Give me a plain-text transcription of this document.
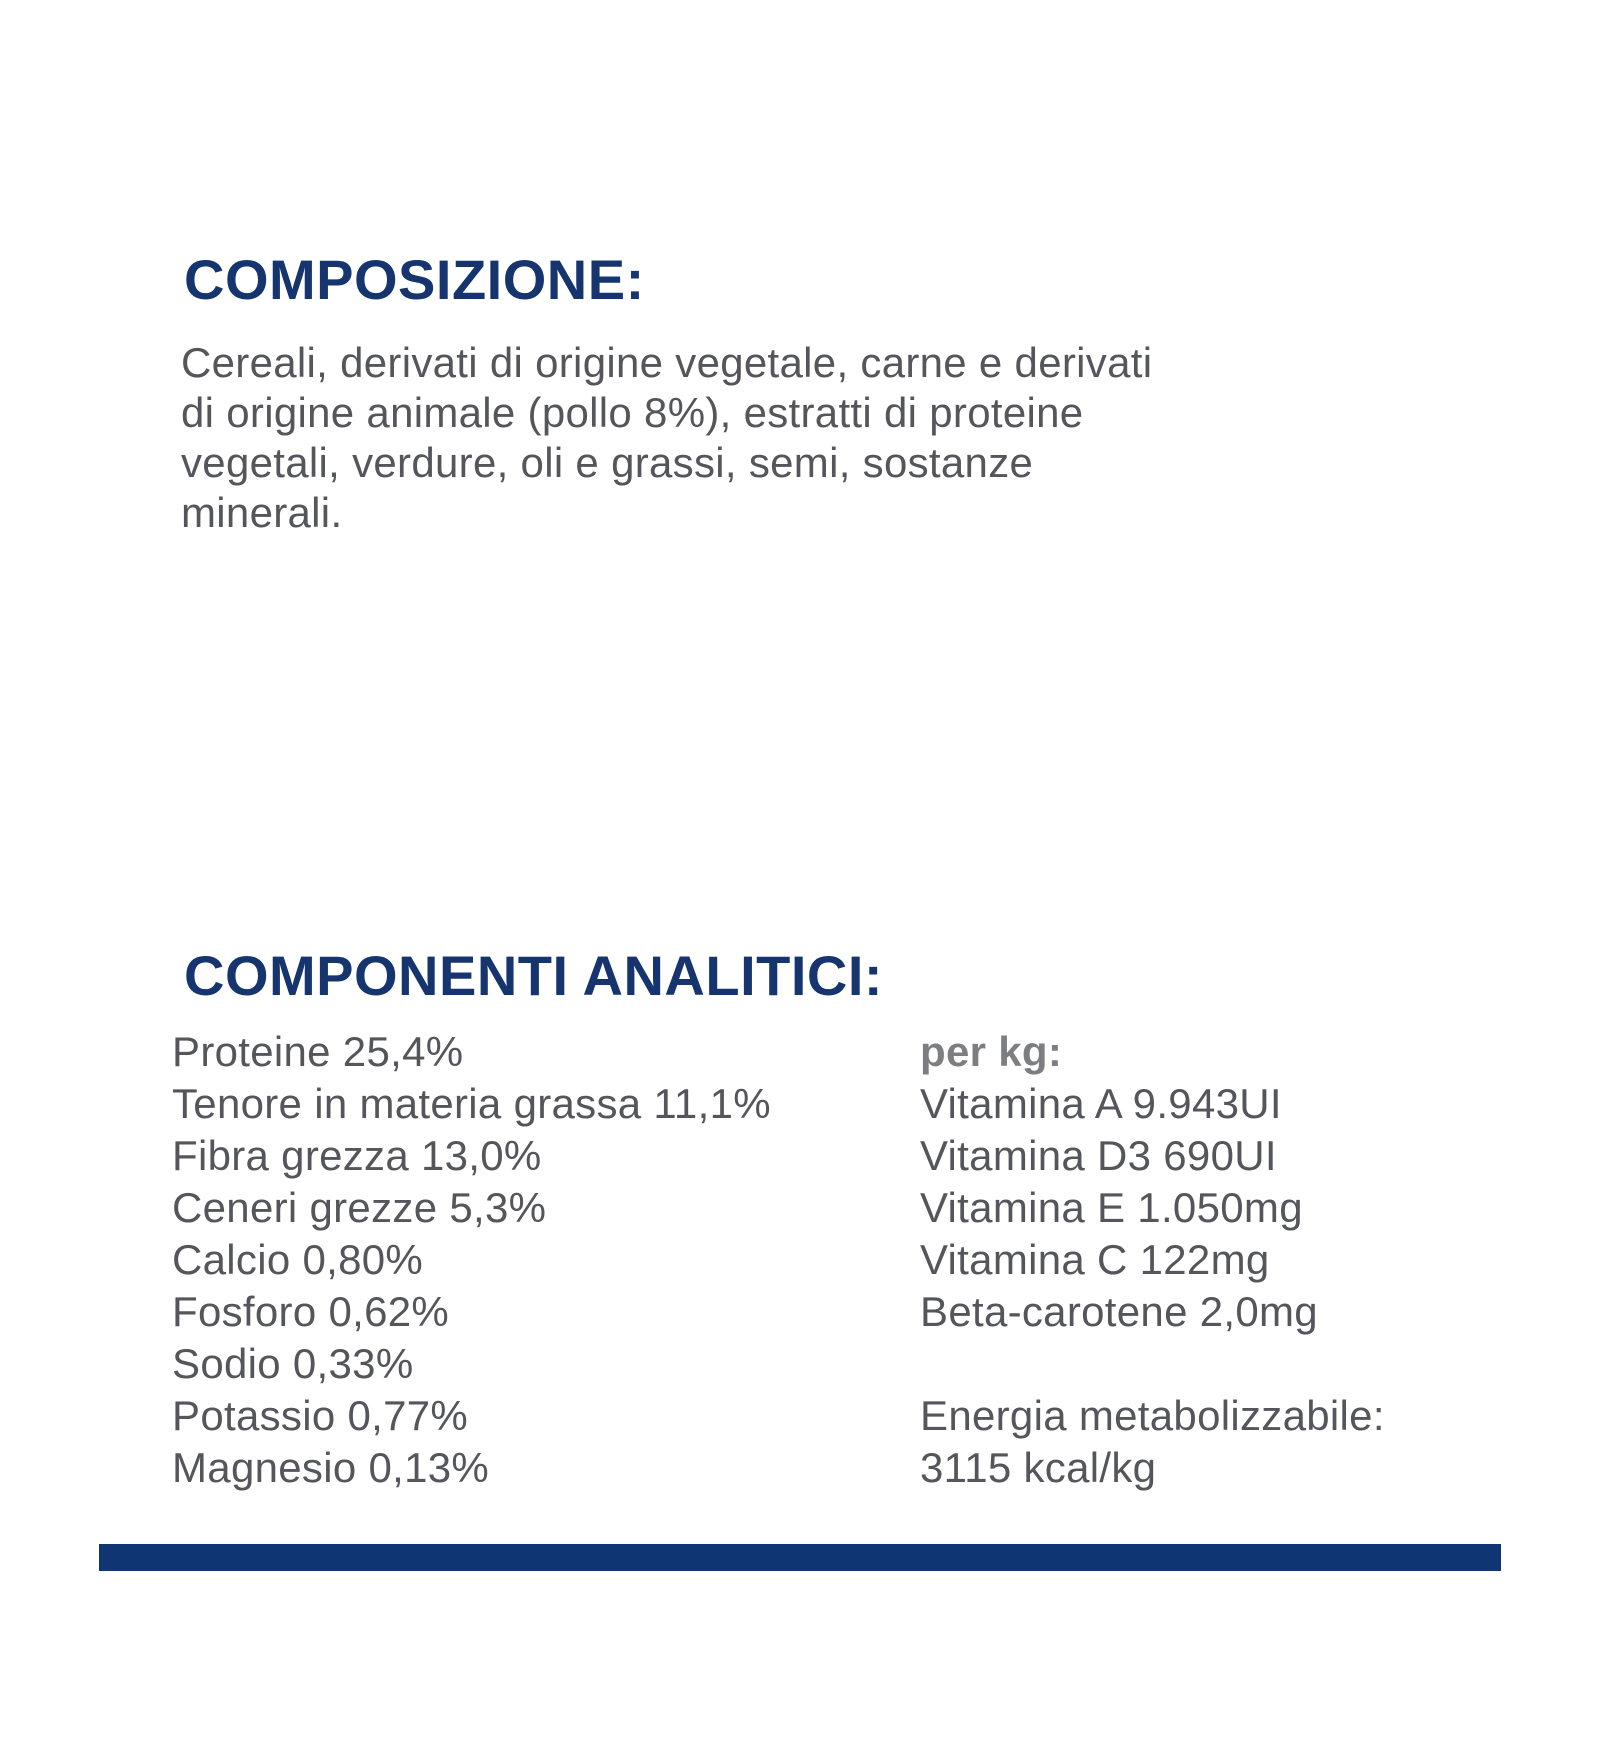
COMPOSIZIONE:
Cereali, derivati di origine vegetale, carne e derivati
di origine animale (pollo 8%), estratti di proteine
vegetali, verdure, oli e grassi, semi, sostanze
minerali.
COMPONENTI ANALITICI:
Proteine 25,4%
Tenore in materia grassa 11,1%
Fibra grezza 13,0%
Ceneri grezze 5,3%
Calcio 0,80%
Fosforo 0,62%
Sodio 0,33%
Potassio 0,77%
Magnesio 0,13%
per kg:
Vitamina A 9.943UI
Vitamina D3 690UI
Vitamina E 1.050mg
Vitamina C 122mg
Beta-carotene 2,0mg
Energia metabolizzabile:
3115 kcal/kg
